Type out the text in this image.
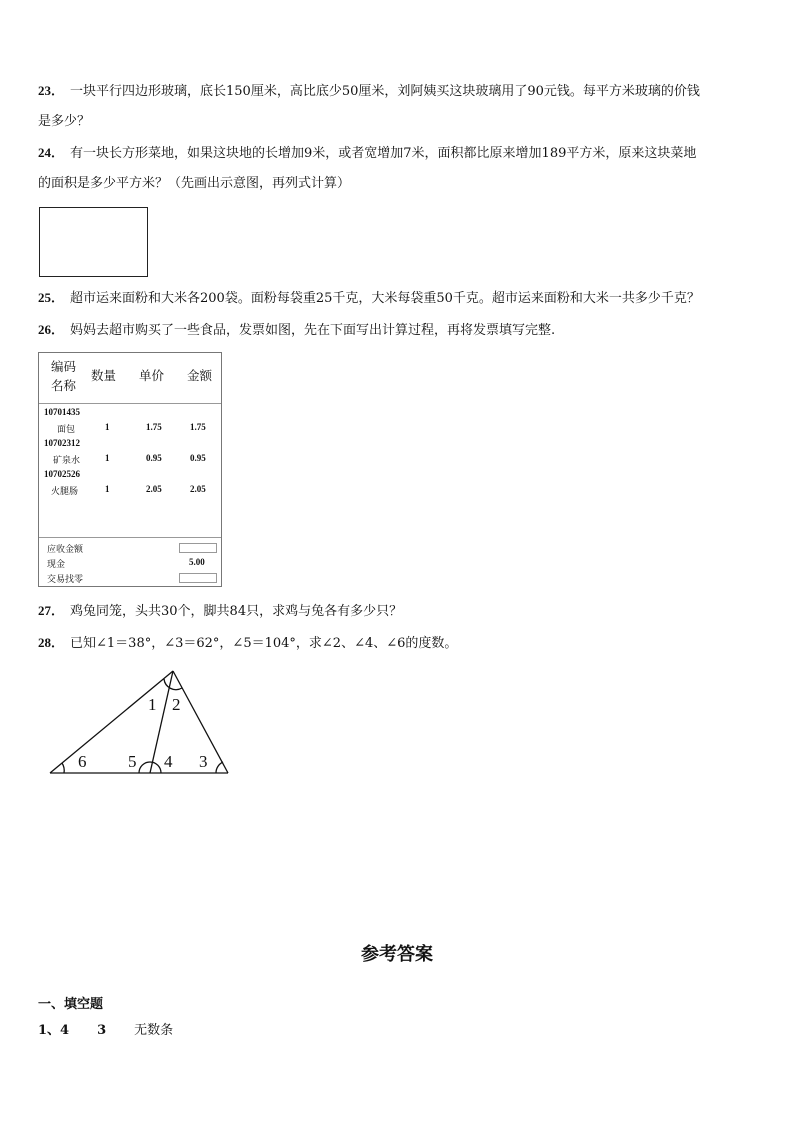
23． 一块平行四边形玻璃，底长150厘米，高比底少50厘米，刘阿姨买这块玻璃用了90元钱。每平方米玻璃的价钱
是多少？
24． 有一块长方形菜地，如果这块地的长增加9米，或者宽增加7米，面积都比原来增加189平方米，原来这块菜地
的面积是多少平方米？（先画出示意图，再列式计算）
25． 超市运来面粉和大米各200袋。面粉每袋重25千克，大米每袋重50千克。超市运来面粉和大米一共多少千克？
26． 妈妈去超市购买了一些食品，发票如图，先在下面写出计算过程，再将发票填写完整.
编码
名称
数量 单价 金额
10701435
面包	1	1.75	1.75
10702312
矿泉水	1	0.95	0.95
10702526
火腿肠	1	2.05	2.05
应收金额
现金	5.00
交易找零
27． 鸡兔同笼，头共30个，脚共84只，求鸡与兔各有多少只？
28． 已知∠1＝38°，∠3＝62°，∠5＝104°，求∠2、∠4、∠6的度数。
1 2
3
4
5
6
参考答案
一、填空题
1、4 3 无数条
